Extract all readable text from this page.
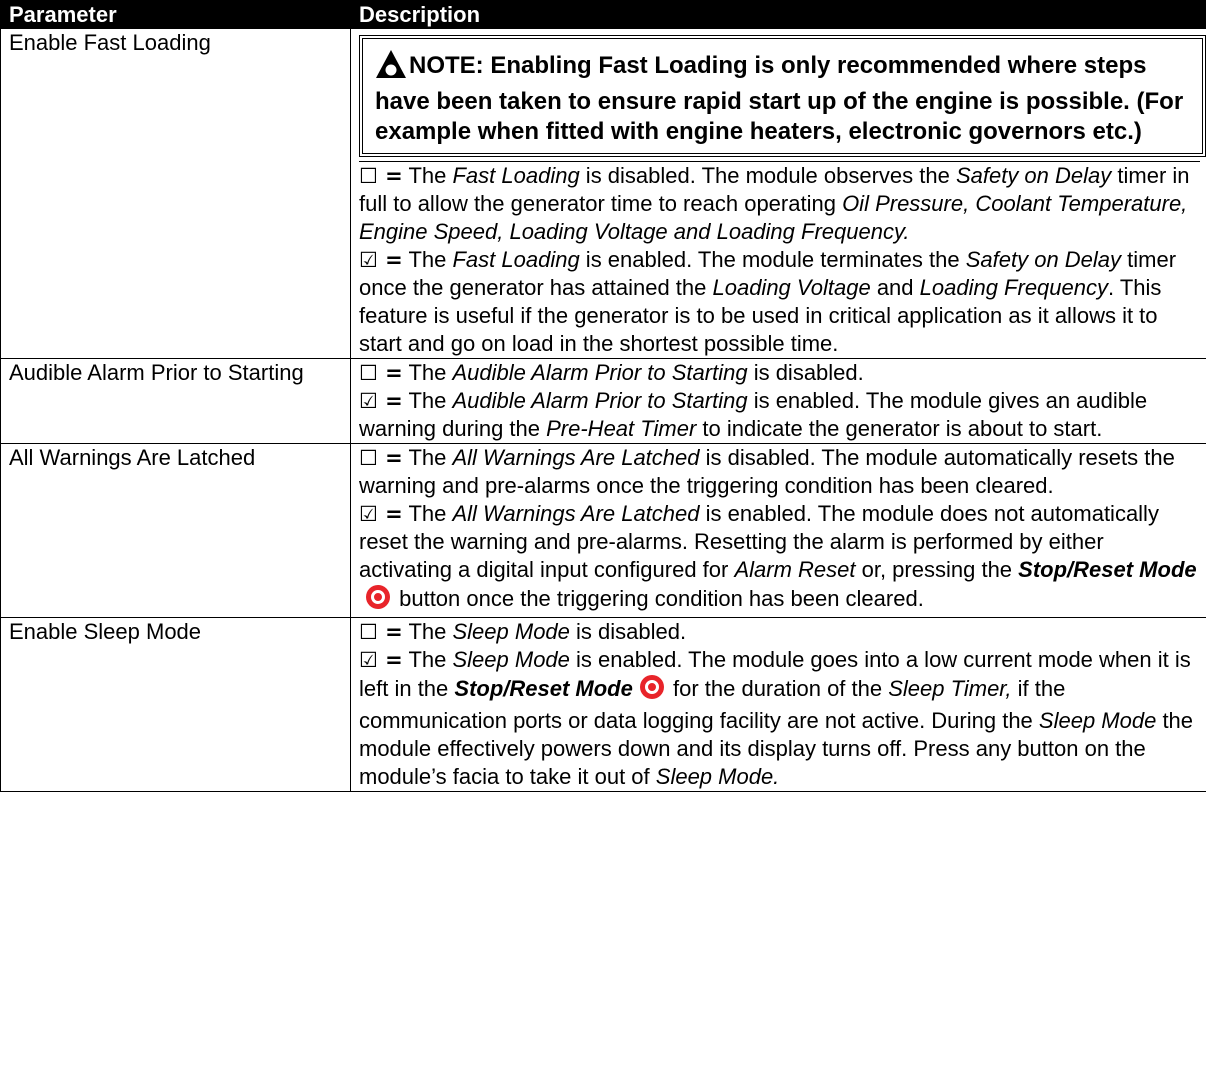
Parameter	Description
Enable Fast Loading	NOTE: Enabling Fast Loading is only recommended where steps have been taken to ensure rapid start up of the engine is possible. (For example when fitted with engine heaters, electronic governors etc.)
☐ = The Fast Loading is disabled. The module observes the Safety on Delay timer in full to allow the generator time to reach operating Oil Pressure, Coolant Temperature, Engine Speed, Loading Voltage and Loading Frequency.
☑ = The Fast Loading is enabled. The module terminates the Safety on Delay timer once the generator has attained the Loading Voltage and Loading Frequency. This feature is useful if the generator is to be used in critical application as it allows it to start and go on load in the shortest possible time.

Audible Alarm Prior to Starting	☐ = The Audible Alarm Prior to Starting is disabled.
☑ = The Audible Alarm Prior to Starting is enabled. The module gives an audible warning during the Pre-Heat Timer to indicate the generator is about to start.

All Warnings Are Latched	☐ = The All Warnings Are Latched is disabled. The module automatically resets the warning and pre-alarms once the triggering condition has been cleared.
☑ = The All Warnings Are Latched is enabled. The module does not automatically reset the warning and pre-alarms. Resetting the alarm is performed by either activating a digital input configured for Alarm Reset or, pressing the Stop/Reset Mode button once the triggering condition has been cleared.

Enable Sleep Mode	☐ = The Sleep Mode is disabled.
☑ = The Sleep Mode is enabled. The module goes into a low current mode when it is left in the Stop/Reset Mode for the duration of the Sleep Timer, if the communication ports or data logging facility are not active. During the Sleep Mode the module effectively powers down and its display turns off. Press any button on the module’s facia to take it out of Sleep Mode.
